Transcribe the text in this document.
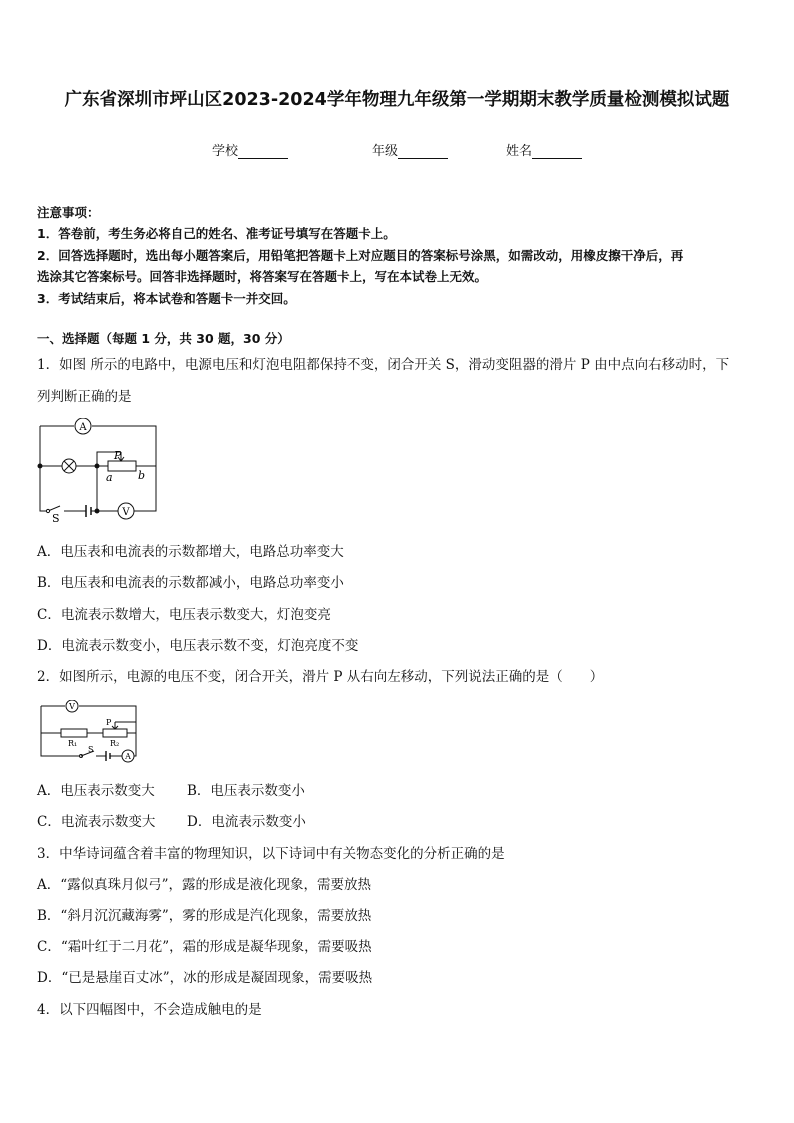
广东省深圳市坪山区2023-2024学年物理九年级第一学期期末教学质量检测模拟试题
学校	年级	姓名
注意事项：
1．答卷前，考生务必将自己的姓名、准考证号填写在答题卡上。
2．回答选择题时，选出每小题答案后，用铅笔把答题卡上对应题目的答案标号涂黑，如需改动，用橡皮擦干净后，再
选涂其它答案标号。回答非选择题时，将答案写在答题卡上，写在本试卷上无效。
3．考试结束后，将本试卷和答题卡一并交回。
一、选择题（每题 1 分，共 30 题，30 分）
1．如图 所示的电路中，电源电压和灯泡电阻都保持不变，闭合开关 S，滑动变阻器的滑片 P 由中点向右移动时，下
列判断正确的是
A
V
P
a b
S
A．电压表和电流表的示数都增大，电路总功率变大
B．电压表和电流表的示数都减小，电路总功率变小
C．电流表示数增大，电压表示数变大，灯泡变亮
D．电流表示数变小，电压表示数不变，灯泡亮度不变
2．如图所示，电源的电压不变，闭合开关，滑片 P 从右向左移动，下列说法正确的是（　　）
V
R₁	R₂
P
S
A
A．电压表示数变大 B．电压表示数变小
C．电流表示数变大 D．电流表示数变小
3．中华诗词蕴含着丰富的物理知识，以下诗词中有关物态变化的分析正确的是
A．“露似真珠月似弓”，露的形成是液化现象，需要放热
B．“斜月沉沉藏海雾”，雾的形成是汽化现象，需要放热
C．“霜叶红于二月花”，霜的形成是凝华现象，需要吸热
D．“已是悬崖百丈冰”，冰的形成是凝固现象，需要吸热
4．以下四幅图中，不会造成触电的是
